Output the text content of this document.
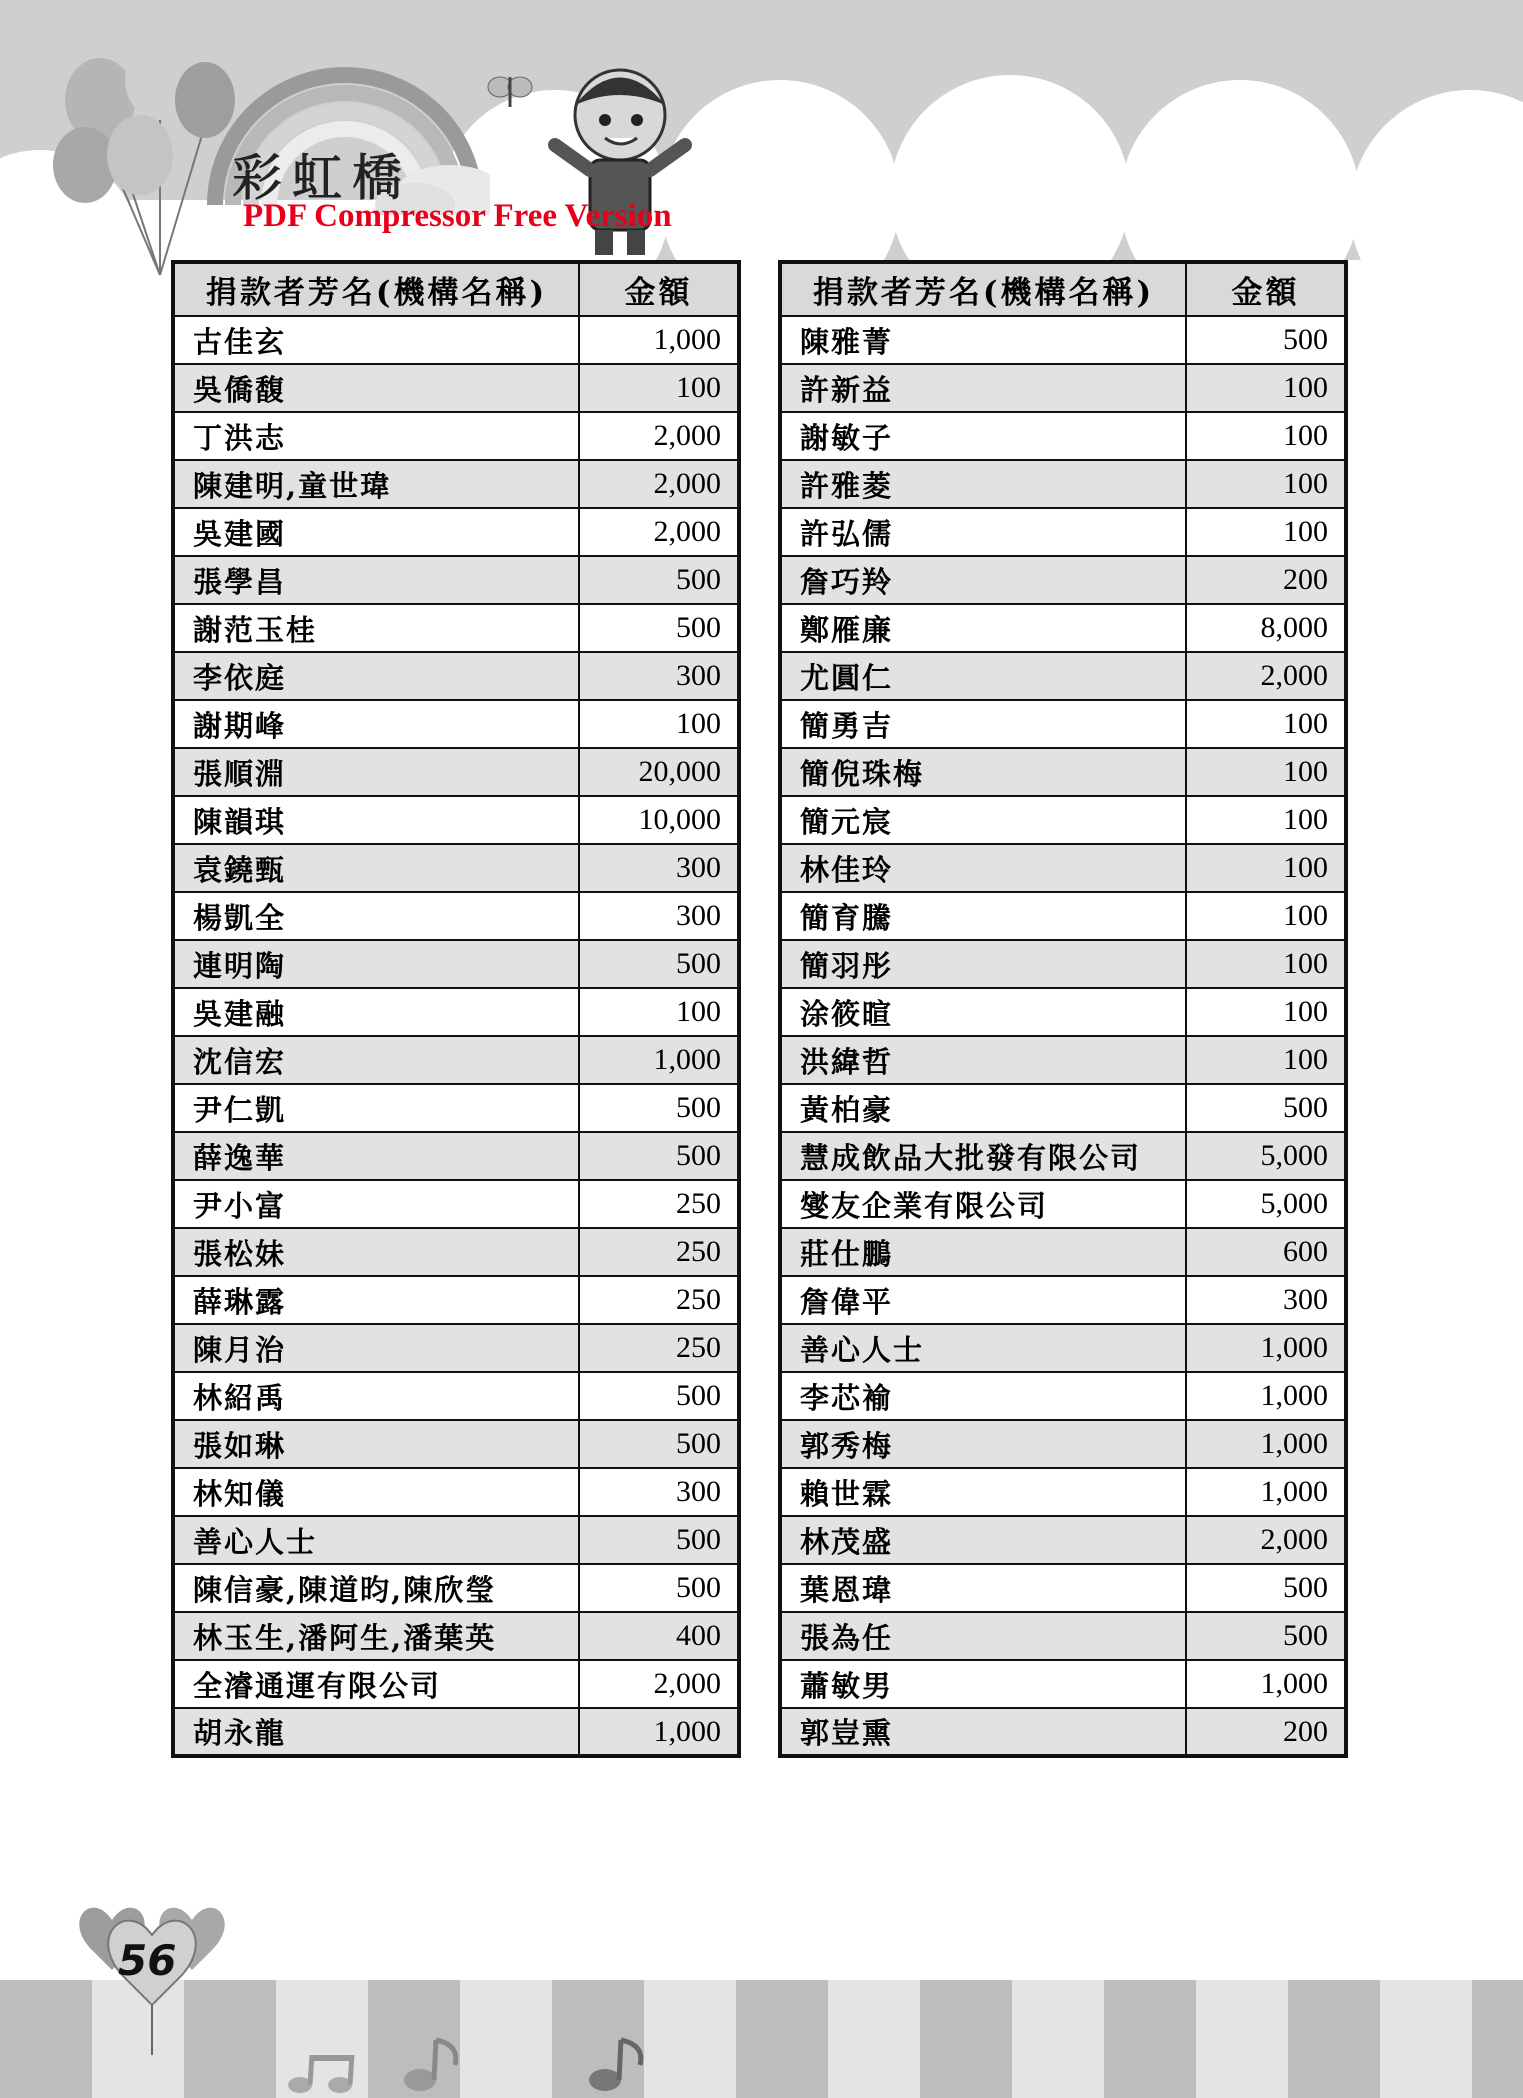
彩虹橋
PDF Compressor Free Version
捐款者芳名(機構名稱)	金額
古佳玄	1,000
吳僑馥	100
丁洪志	2,000
陳建明,童世瑋	2,000
吳建國	2,000
張學昌	500
謝范玉桂	500
李依庭	300
謝期峰	100
張順淵	20,000
陳韻琪	10,000
袁鐃甄	300
楊凱全	300
連明陶	500
吳建融	100
沈信宏	1,000
尹仁凱	500
薛逸華	500
尹小富	250
張松妹	250
薛琳露	250
陳月治	250
林紹禹	500
張如琳	500
林知儀	300
善心人士	500
陳信豪,陳道昀,陳欣瑩	500
林玉生,潘阿生,潘葉英	400
全濬通運有限公司	2,000
胡永龍	1,000
捐款者芳名(機構名稱)	金額
陳雅菁	500
許新益	100
謝敏子	100
許雅菱	100
許弘儒	100
詹巧羚	200
鄭雁廉	8,000
尤圓仁	2,000
簡勇吉	100
簡倪珠梅	100
簡元宸	100
林佳玲	100
簡育騰	100
簡羽彤	100
涂筱暄	100
洪緯哲	100
黃柏豪	500
慧成飲品大批發有限公司	5,000
燮友企業有限公司	5,000
莊仕鵬	600
詹偉平	300
善心人士	1,000
李芯褕	1,000
郭秀梅	1,000
賴世霖	1,000
林茂盛	2,000
葉恩瑋	500
張為任	500
蕭敏男	1,000
郭豈熏	200
56
